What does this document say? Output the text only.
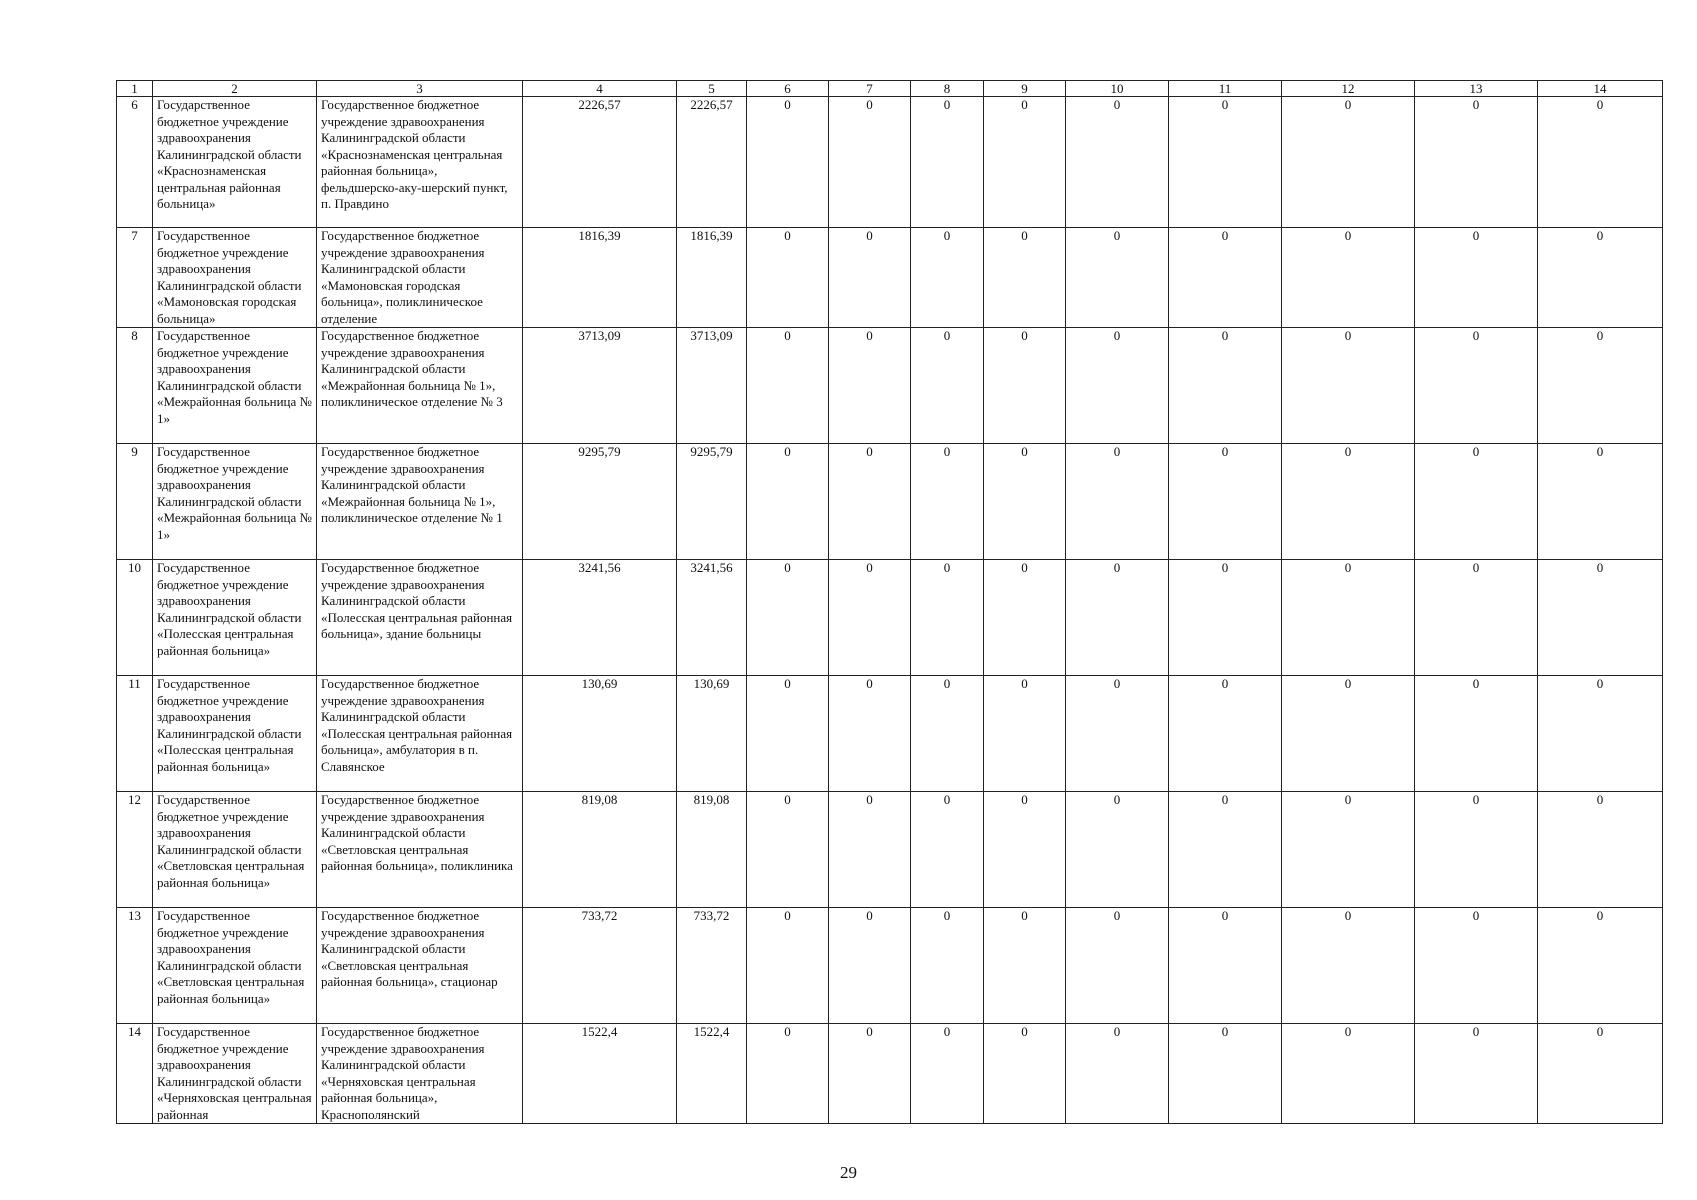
1	2	3	4	5	6	7	8	9	10	11	12	13	14
6	Государственное бюджетное учреждение здравоохранения Калининградской области «Краснознаменская центральная районная больница»	Государственное бюджетное учреждение здравоохранения Калининградской области «Краснознаменская центральная районная больница», фельдшерско-аку-шерский пункт, п. Правдино	2226,57	2226,57	0	0	0	0	0	0	0	0	0
7	Государственное бюджетное учреждение здравоохранения Калининградской области «Мамоновская городская больница»	Государственное бюджетное учреждение здравоохранения Калининградской области «Мамоновская городская больница», поликлиническое отделение	1816,39	1816,39	0	0	0	0	0	0	0	0	0
8	Государственное бюджетное учреждение здравоохранения Калининградской области «Межрайонная больница № 1»	Государственное бюджетное учреждение здравоохранения Калининградской области «Межрайонная больница № 1», поликлиническое отделение № 3	3713,09	3713,09	0	0	0	0	0	0	0	0	0
9	Государственное бюджетное учреждение здравоохранения Калининградской области «Межрайонная больница № 1»	Государственное бюджетное учреждение здравоохранения Калининградской области «Межрайонная больница № 1», поликлиническое отделение № 1	9295,79	9295,79	0	0	0	0	0	0	0	0	0
10	Государственное бюджетное учреждение здравоохранения Калининградской области «Полесская центральная районная больница»	Государственное бюджетное учреждение здравоохранения Калининградской области «Полесская центральная районная больница», здание больницы	3241,56	3241,56	0	0	0	0	0	0	0	0	0
11	Государственное бюджетное учреждение здравоохранения Калининградской области «Полесская центральная районная больница»	Государственное бюджетное учреждение здравоохранения Калининградской области «Полесская центральная районная больница», амбулатория в п. Славянское	130,69	130,69	0	0	0	0	0	0	0	0	0
12	Государственное бюджетное учреждение здравоохранения Калининградской области «Светловская центральная районная больница»	Государственное бюджетное учреждение здравоохранения Калининградской области «Светловская центральная районная больница», поликлиника	819,08	819,08	0	0	0	0	0	0	0	0	0
13	Государственное бюджетное учреждение здравоохранения Калининградской области «Светловская центральная районная больница»	Государственное бюджетное учреждение здравоохранения Калининградской области «Светловская центральная районная больница», стационар	733,72	733,72	0	0	0	0	0	0	0	0	0
14	Государственное бюджетное учреждение здравоохранения Калининградской области «Черняховская центральная районная	Государственное бюджетное учреждение здравоохранения Калининградской области «Черняховская центральная районная больница», Краснополянский	1522,4	1522,4	0	0	0	0	0	0	0	0	0
29
